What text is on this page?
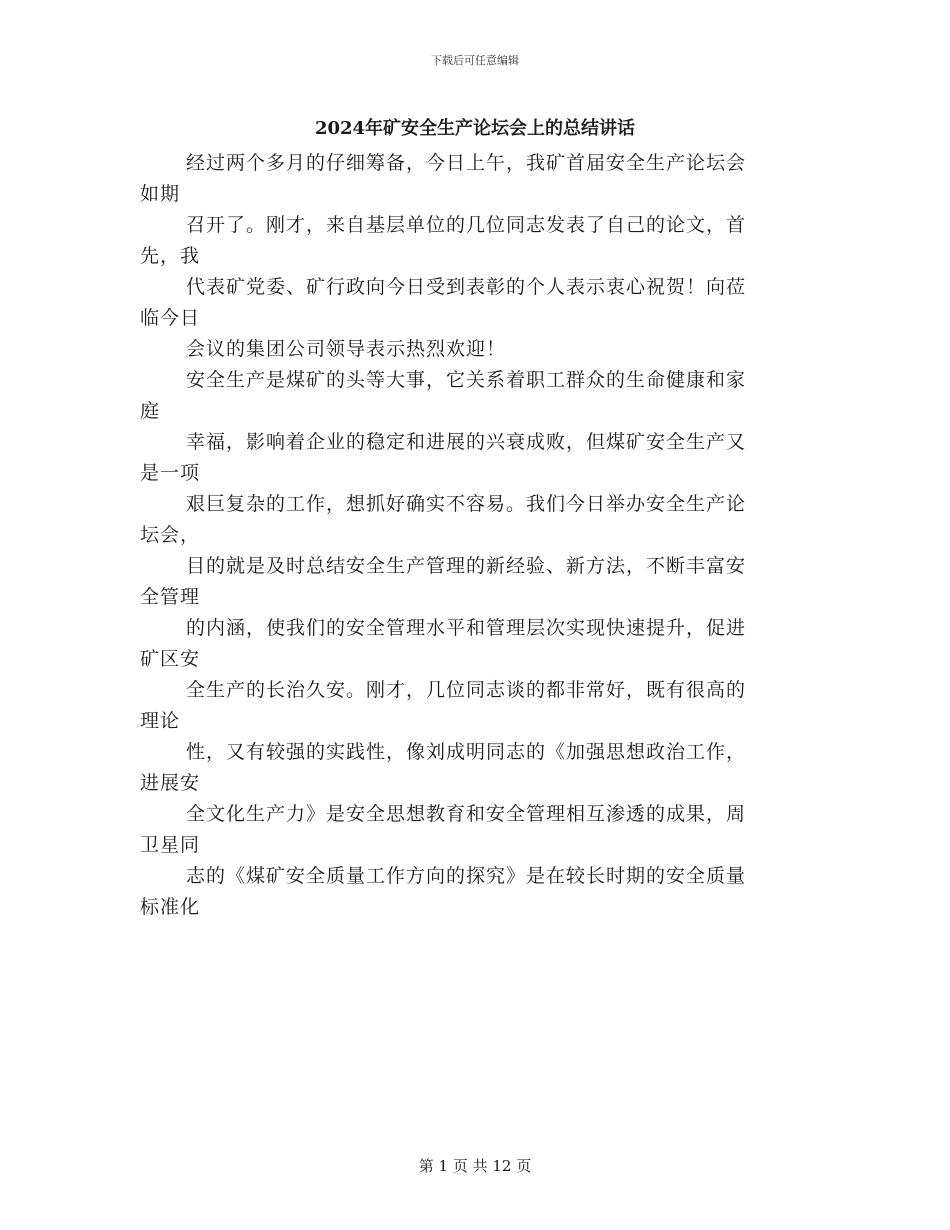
下载后可任意编辑
2024年矿安全生产论坛会上的总结讲话

经过两个多月的仔细筹备，今日上午，我矿首届安全生产论坛会

如期

召开了。刚才，来自基层单位的几位同志发表了自己的论文，首

先，我

代表矿党委、矿行政向今日受到表彰的个人表示衷心祝贺！向莅

临今日

会议的集团公司领导表示热烈欢迎！

安全生产是煤矿的头等大事，它关系着职工群众的生命健康和家

庭

幸福，影响着企业的稳定和进展的兴衰成败，但煤矿安全生产又

是一项

艰巨复杂的工作，想抓好确实不容易。我们今日举办安全生产论

坛会，

目的就是及时总结安全生产管理的新经验、新方法，不断丰富安

全管理

的内涵，使我们的安全管理水平和管理层次实现快速提升，促进

矿区安

全生产的长治久安。刚才，几位同志谈的都非常好，既有很高的

理论

性，又有较强的实践性，像刘成明同志的《加强思想政治工作，

进展安

全文化生产力》是安全思想教育和安全管理相互渗透的成果，周

卫星同

志的《煤矿安全质量工作方向的探究》是在较长时期的安全质量

标准化

第 1 页 共 12 页
